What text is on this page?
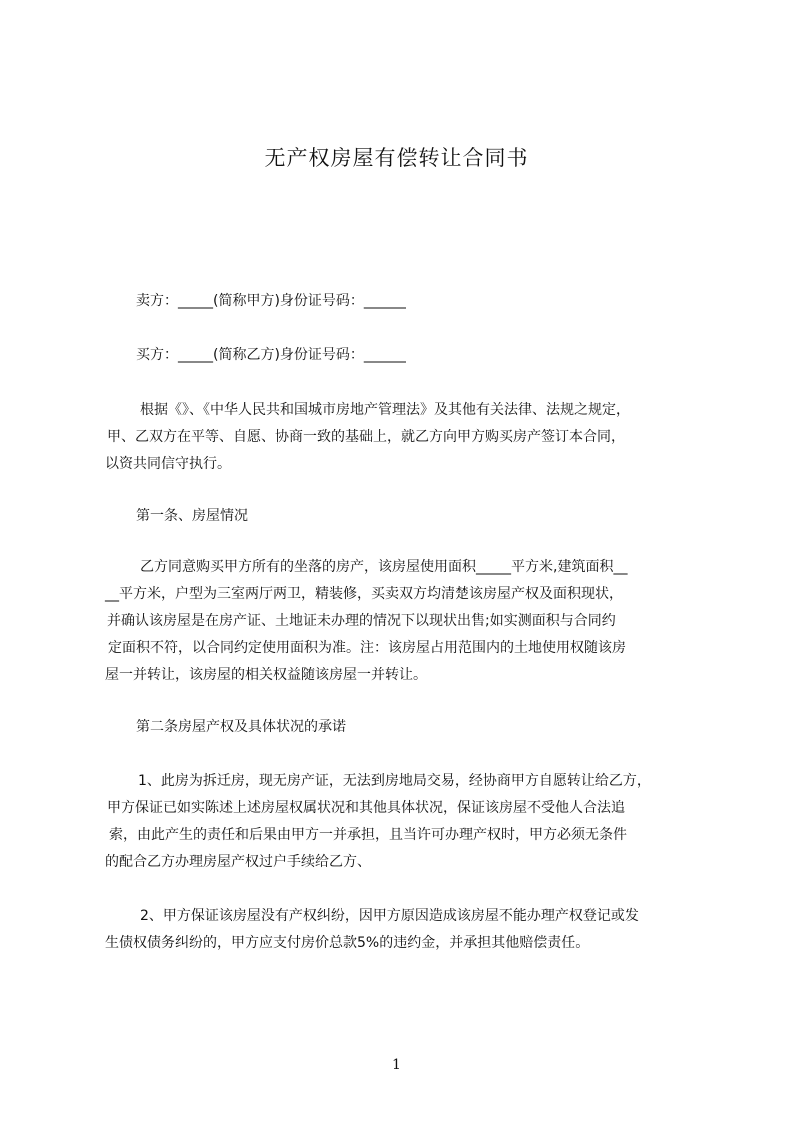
无产权房屋有偿转让合同书
卖方：_____(简称甲方)身份证号码：______
买方：_____(简称乙方)身份证号码：______
根据《》、《中华人民共和国城市房地产管理法》及其他有关法律、法规之规定，
甲、乙双方在平等、自愿、协商一致的基础上，就乙方向甲方购买房产签订本合同，
以资共同信守执行。
第一条、房屋情况
乙方同意购买甲方所有的坐落的房产，该房屋使用面积_____平方米,建筑面积__
__平方米，户型为三室两厅两卫，精装修，买卖双方均清楚该房屋产权及面积现状，
并确认该房屋是在房产证、土地证未办理的情况下以现状出售;如实测面积与合同约
定面积不符，以合同约定使用面积为准。注：该房屋占用范围内的土地使用权随该房
屋一并转让，该房屋的相关权益随该房屋一并转让。
第二条房屋产权及具体状况的承诺
1、此房为拆迁房，现无房产证，无法到房地局交易，经协商甲方自愿转让给乙方，
甲方保证已如实陈述上述房屋权属状况和其他具体状况，保证该房屋不受他人合法追
索，由此产生的责任和后果由甲方一并承担，且当许可办理产权时，甲方必须无条件
的配合乙方办理房屋产权过户手续给乙方、
2、甲方保证该房屋没有产权纠纷，因甲方原因造成该房屋不能办理产权登记或发
生债权债务纠纷的，甲方应支付房价总款5%的违约金，并承担其他赔偿责任。
1
